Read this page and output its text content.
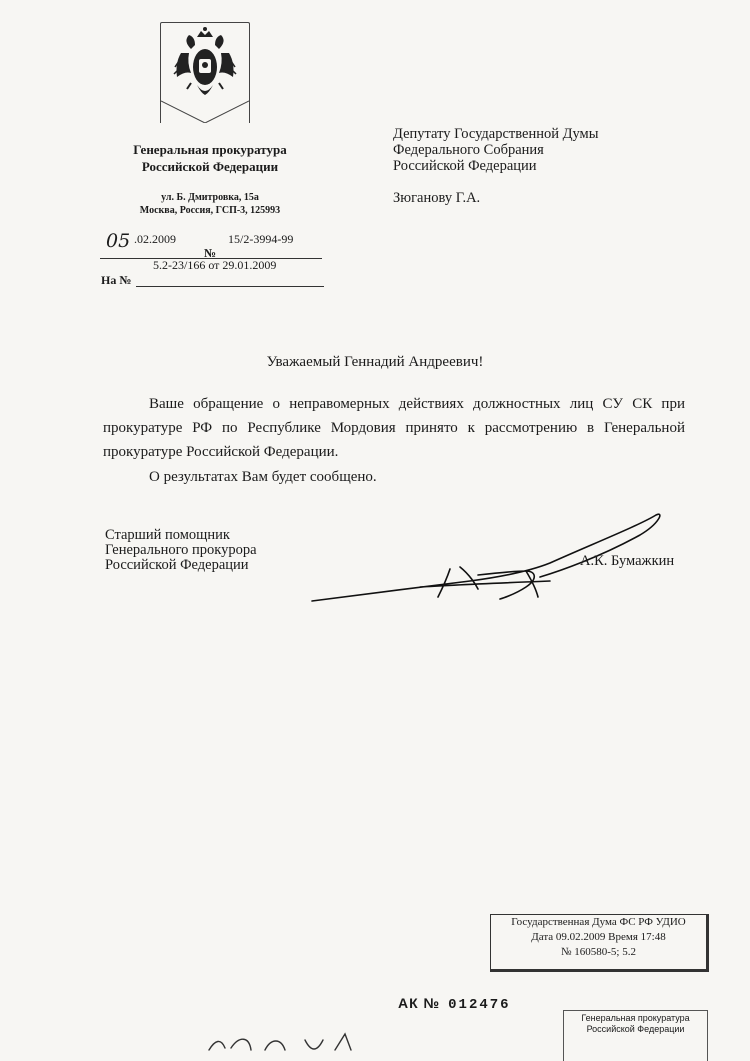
Генеральная прокуратура
Российской Федерации
ул. Б. Дмитровка, 15а
Москва, Россия, ГСП-3, 125993
05 .02.2009	15/2-3994-99
№
5.2-23/166 от 29.01.2009
На №
Депутату Государственной Думы
Федерального Собрания
Российской Федерации
Зюганову Г.А.
Уважаемый Геннадий Андреевич!
Ваше обращение о неправомерных действиях должностных лиц СУ СК при прокуратуре РФ по Республике Мордовия принято к рассмотрению в Генеральной прокуратуре Российской Федерации.
О результатах Вам будет сообщено.
Старший помощник
Генерального прокурора
Российской Федерации	А.К. Бумажкин
Государственная Дума ФС РФ УДИО
Дата 09.02.2009 Время 17:48
№ 160580-5; 5.2
АК № 012476
Генеральная прокуратура
Российской Федерации
